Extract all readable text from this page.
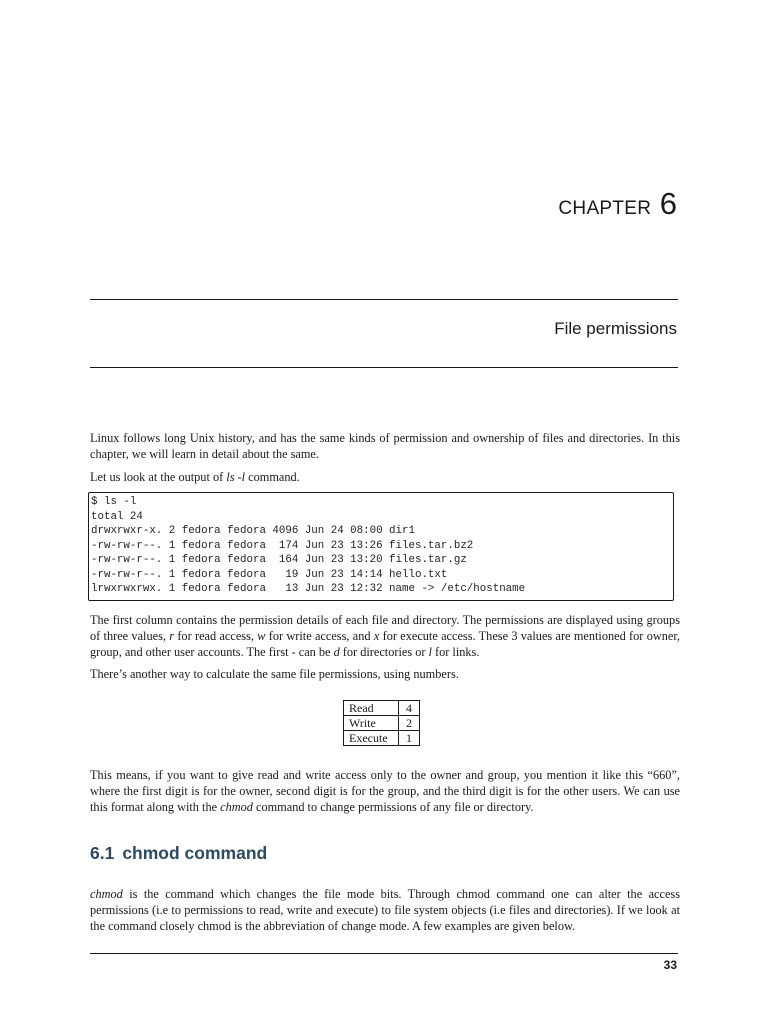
CHAPTER 6
File permissions

Linux follows long Unix history, and has the same kinds of permission and ownership of files and directories. In this chapter, we will learn in detail about the same.

Let us look at the output of ls -l command.

$ ls -l
total 24
drwxrwxr-x. 2 fedora fedora 4096 Jun 24 08:00 dir1
-rw-rw-r--. 1 fedora fedora  174 Jun 23 13:26 files.tar.bz2
-rw-rw-r--. 1 fedora fedora  164 Jun 23 13:20 files.tar.gz
-rw-rw-r--. 1 fedora fedora   19 Jun 23 14:14 hello.txt
lrwxrwxrwx. 1 fedora fedora   13 Jun 23 12:32 name -> /etc/hostname

The first column contains the permission details of each file and directory. The permissions are displayed using groups of three values, r for read access, w for write access, and x for execute access. These 3 values are mentioned for owner, group, and other user accounts. The first - can be d for directories or l for links.

There’s another way to calculate the same file permissions, using numbers.

Read	4
Write	2
Execute	1

This means, if you want to give read and write access only to the owner and group, you mention it like this “660”, where the first digit is for the owner, second digit is for the group, and the third digit is for the other users. We can use this format along with the chmod command to change permissions of any file or directory.

6.1 chmod command

chmod is the command which changes the file mode bits. Through chmod command one can alter the access permissions (i.e to permissions to read, write and execute) to file system objects (i.e files and directories). If we look at the command closely chmod is the abbreviation of change mode. A few examples are given below.

33
